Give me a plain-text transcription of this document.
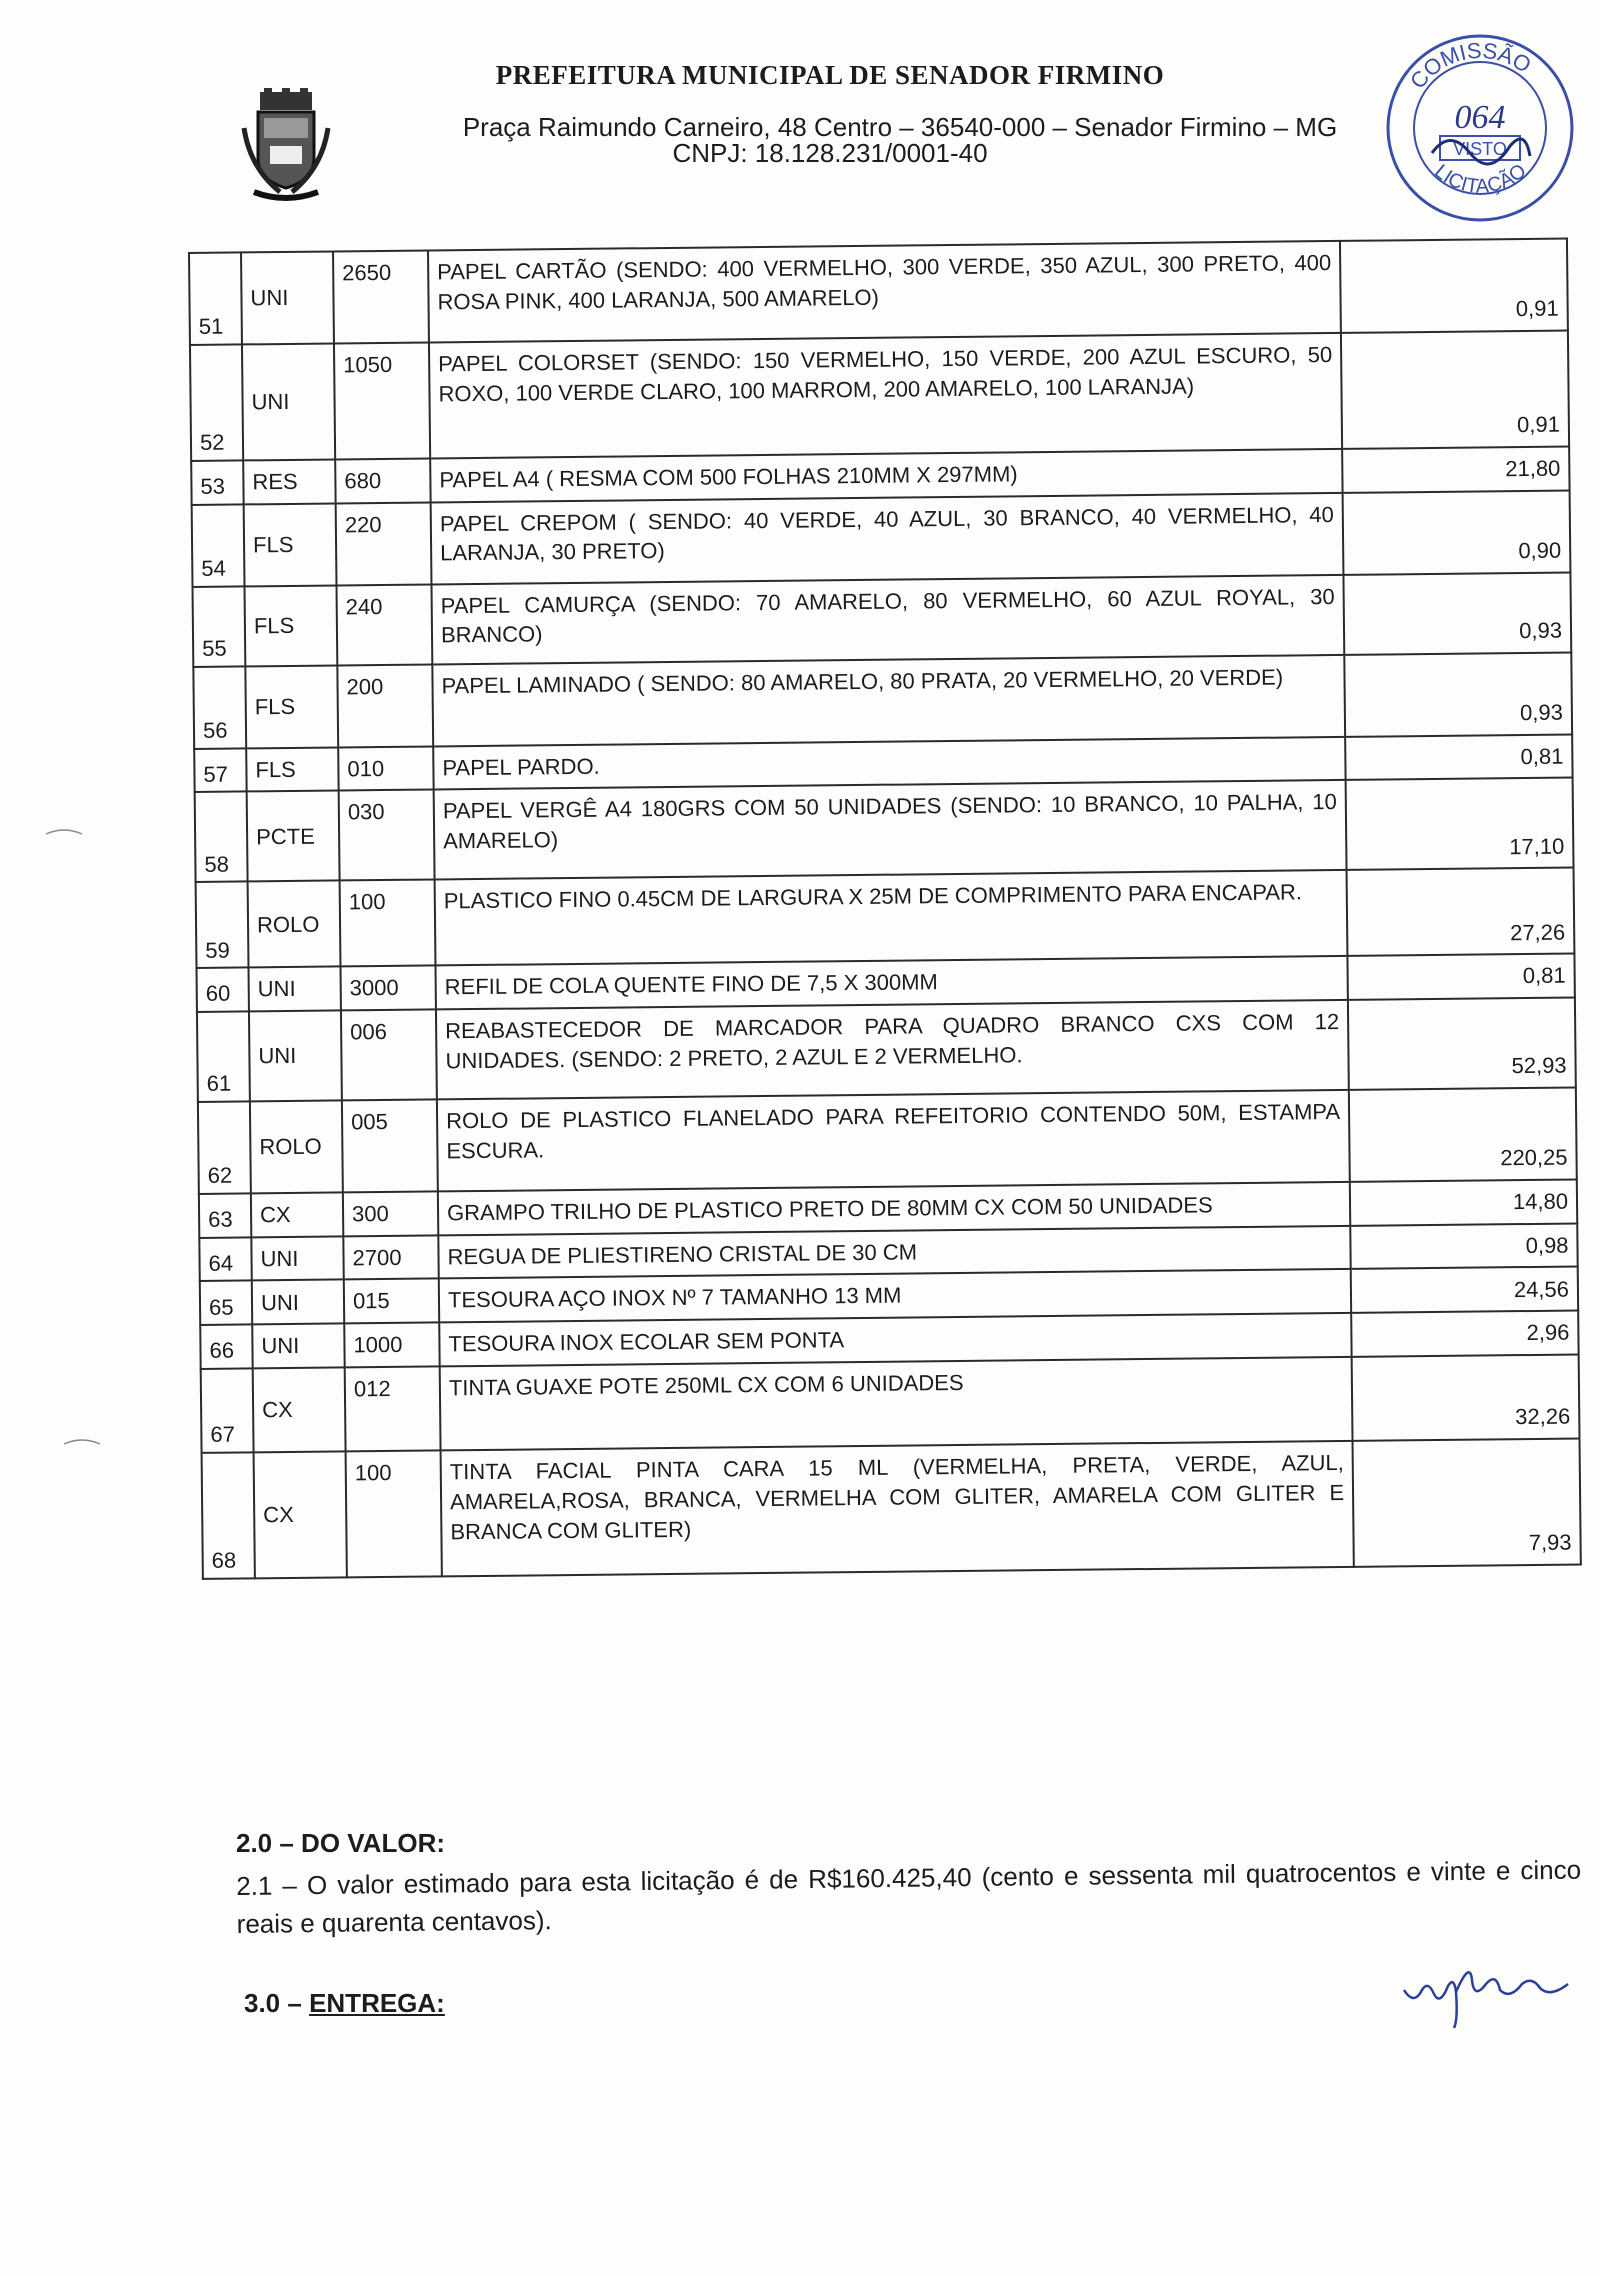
PREFEITURA MUNICIPAL DE SENADOR FIRMINO
Praça Raimundo Carneiro, 48 Centro – 36540-000 – Senador Firmino – MG
CNPJ: 18.128.231/0001-40
COMISSÃO
064
VISTO
LICITAÇÃO
51	UNI	2650	PAPEL CARTÃO (SENDO: 400 VERMELHO, 300 VERDE, 350 AZUL, 300 PRETO, 400 ROSA PINK, 400 LARANJA, 500 AMARELO)	0,91
52	UNI	1050	PAPEL COLORSET (SENDO: 150 VERMELHO, 150 VERDE, 200 AZUL ESCURO, 50 ROXO, 100 VERDE CLARO, 100 MARROM, 200 AMARELO, 100 LARANJA)	0,91
53	RES	680	PAPEL A4 ( RESMA COM 500 FOLHAS 210MM X 297MM)	21,80
54	FLS	220	PAPEL CREPOM ( SENDO: 40 VERDE, 40 AZUL, 30 BRANCO, 40 VERMELHO, 40 LARANJA, 30 PRETO)	0,90
55	FLS	240	PAPEL CAMURÇA (SENDO: 70 AMARELO, 80 VERMELHO, 60 AZUL ROYAL, 30 BRANCO)	0,93
56	FLS	200	PAPEL LAMINADO ( SENDO: 80 AMARELO, 80 PRATA, 20 VERMELHO, 20 VERDE)	0,93
57	FLS	010	PAPEL PARDO.	0,81
58	PCTE	030	PAPEL VERGÊ A4 180GRS COM 50 UNIDADES (SENDO: 10 BRANCO, 10 PALHA, 10 AMARELO)	17,10
59	ROLO	100	PLASTICO FINO 0.45CM DE LARGURA X 25M DE COMPRIMENTO PARA ENCAPAR.	27,26
60	UNI	3000	REFIL DE COLA QUENTE FINO DE 7,5 X 300MM	0,81
61	UNI	006	REABASTECEDOR DE MARCADOR PARA QUADRO BRANCO CXS COM 12 UNIDADES. (SENDO: 2 PRETO, 2 AZUL E 2 VERMELHO.	52,93
62	ROLO	005	ROLO DE PLASTICO FLANELADO PARA REFEITORIO CONTENDO 50M, ESTAMPA ESCURA.	220,25
63	CX	300	GRAMPO TRILHO DE PLASTICO PRETO DE 80MM CX COM 50 UNIDADES	14,80
64	UNI	2700	REGUA DE PLIESTIRENO CRISTAL DE 30 CM	0,98
65	UNI	015	TESOURA AÇO INOX Nº 7 TAMANHO 13 MM	24,56
66	UNI	1000	TESOURA INOX ECOLAR SEM PONTA	2,96
67	CX	012	TINTA GUAXE POTE 250ML CX COM 6 UNIDADES	32,26
68	CX	100	TINTA FACIAL PINTA CARA 15 ML (VERMELHA, PRETA, VERDE, AZUL, AMARELA,ROSA, BRANCA, VERMELHA COM GLITER, AMARELA COM GLITER E BRANCA COM GLITER)	7,93
2.0 – DO VALOR:
2.1 – O valor estimado para esta licitação é de R$160.425,40 (cento e sessenta mil quatrocentos e vinte e cinco reais e quarenta centavos).
3.0 – ENTREGA:
